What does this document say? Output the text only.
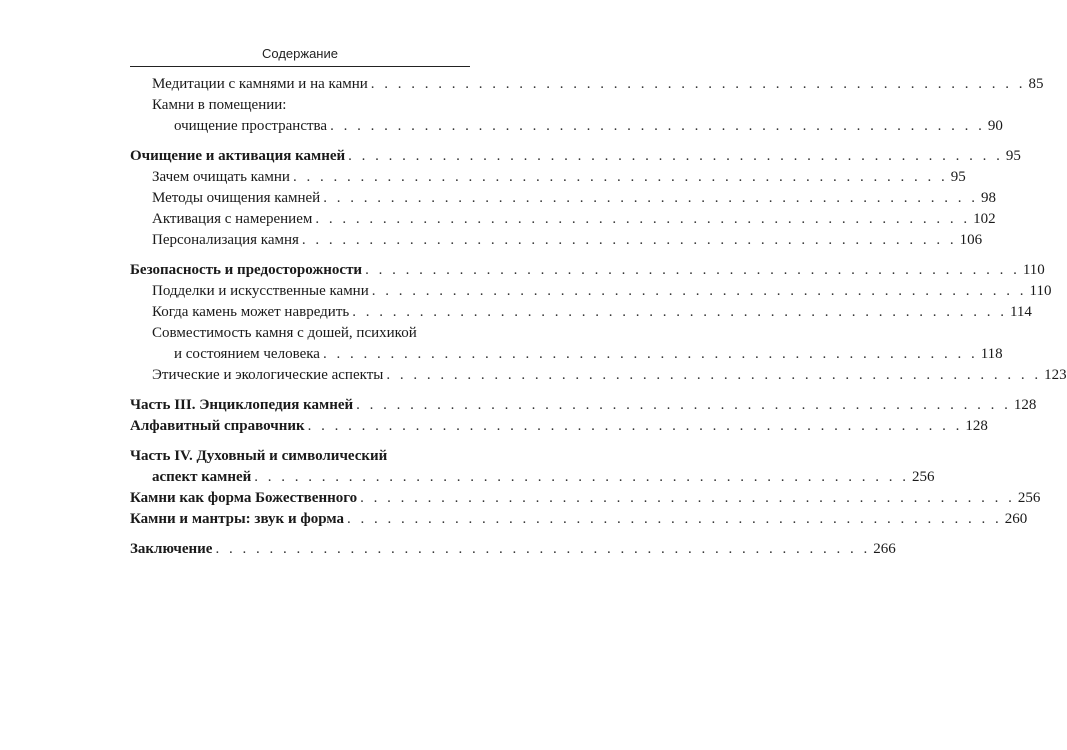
Содержание
Медитации с камнями и на камни . . .	85
Камни в помещении:
очищение пространства . . .	90
Очищение и активация камней . . .	95
Зачем очищать камни . . .	95
Методы очищения камней . . .	98
Активация с намерением . . .	102
Персонализация камня . . .	106
Безопасность и предосторожности . . .	110
Подделки и искусственные камни . . .	110
Когда камень может навредить . . .	114
Совместимость камня с дошей, психикой
и состоянием человека . . .	118
Этические и экологические аспекты . . .	123
Часть III. Энциклопедия камней . . .	128
Алфавитный справочник . . .	128
Часть IV. Духовный и символический
аспект камней . . .	256
Камни как форма Божественного . . .	256
Камни и мантры: звук и форма . . .	260
Заключение . . .	266
